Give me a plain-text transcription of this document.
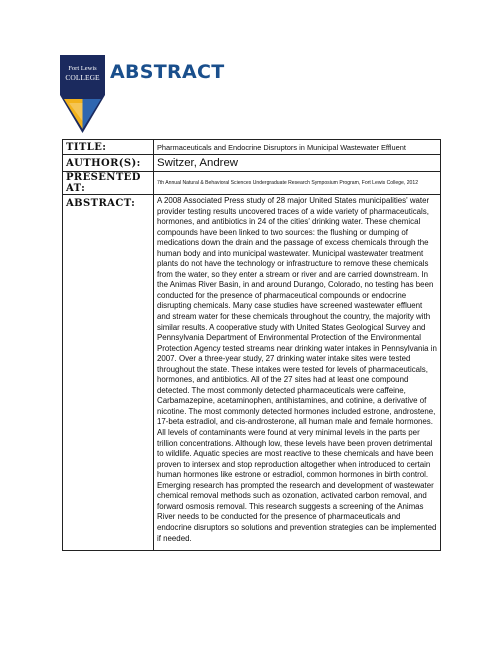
Fort Lewis
COLLEGE ABSTRACT
TITLE:	Pharmaceuticals and Endocrine Disruptors in Municipal Wastewater Effluent
AUTHOR(S):	Switzer, Andrew
PRESENTED AT:	7th Annual Natural & Behavioral Sciences Undergraduate Research Symposium Program, Fort Lewis College, 2012
ABSTRACT:	A 2008 Associated Press study of 28 major United States municipalities' water provider testing results uncovered traces of a wide variety of pharmaceuticals, hormones, and antibiotics in 24 of the cities' drinking water. These chemical compounds have been linked to two sources: the flushing or dumping of medications down the drain and the passage of excess chemicals through the human body and into municipal wastewater. Municipal wastewater treatment plants do not have the technology or infrastructure to remove these chemicals from the water, so they enter a stream or river and are carried downstream. In the Animas River Basin, in and around Durango, Colorado, no testing has been conducted for the presence of pharmaceutical compounds or endocrine disrupting chemicals. Many case studies have screened wastewater effluent and stream water for these chemicals throughout the country, the majority with similar results. A cooperative study with United States Geological Survey and Pennsylvania Department of Environmental Protection of the Environmental Protection Agency tested streams near drinking water intakes in Pennsylvania in 2007. Over a three-year study, 27 drinking water intake sites were tested throughout the state. These intakes were tested for levels of pharmaceuticals, hormones, and antibiotics. All of the 27 sites had at least one compound detected. The most commonly detected pharmaceuticals were caffeine, Carbamazepine, acetaminophen, antihistamines, and cotinine, a derivative of nicotine. The most commonly detected hormones included estrone, androstene, 17-beta estradiol, and cis-androsterone, all human male and female hormones. All levels of contaminants were found at very minimal levels in the parts per trillion concentrations. Although low, these levels have been proven detrimental to wildlife. Aquatic species are most reactive to these chemicals and have been proven to intersex and stop reproduction altogether when introduced to certain human hormones like estrone or estradiol, common hormones in birth control. Emerging research has prompted the research and development of wastewater chemical removal methods such as ozonation, activated carbon removal, and forward osmosis removal. This research suggests a screening of the Animas River needs to be conducted for the presence of pharmaceuticals and endocrine disruptors so solutions and prevention strategies can be implemented if needed.
